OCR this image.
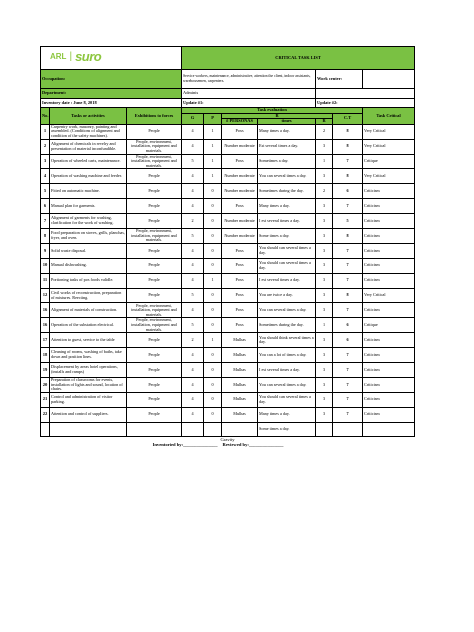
ARL | suro			CRITICAL TASK LIST						
Occupation:			Service workers, maintenance, administrative, attention the client, indoor assistants, warehousemen, carpenters.				Work center:		
Department:			Adminis						
Inventory date : June 8, 2018			Update #1:				Update #2:		
No.	Tasks or activities	Exhibitions to forces	Task evaluation						Task Critical
			G	P	R			C.T	
					# PERSONAS	times	R		
1	Carpentry work, masonry, painting and assembled. (Conditions of alignment and condition of the safety machines).	People	4	1	Poxs	Many times a day.	2	8	Very Critical
2	Alignment of chemicals in revelry and presentation of material inconfundible.	People, environment, installation, equipment and materials.	4	1	Number moderate	Est several times a day.	3	8	Very Critical
3	Operation of wheeled carts, maintenance.	People, environment, installation, equipment and materials.	5	1	Poxs	Sometimes a day.	1	7	Critique
4	Operation of washing machine and feeder.	People	4	1	Number moderate	You can several times a day.	3	8	Very Critical
5	Fitted on automatic machine.	People	4	0	Number moderate	Sometimes during the day.	2	6	Criticism
6	Manual plan for garments.	People	4	0	Poxs	Many times a day.	3	7	Criticism
7	Alignment of garments for washing, clarification for the work of washing.	People	2	0	Number moderate	I est several times a day.	3	5	Criticism
8	Food preparation on stoves, grills, planchas, fryer, and oven.	People, environment, installation, equipment and materials.	5	0	Number moderate	Some times a day.	3	8	Criticism
9	Solid waste disposal.	People	4	0	Poxs	You should can several times a day.	3	7	Criticism
10	Manual dishwashing.	People	4	0	Poxs	You should can several times a day.	3	7	Criticism
11	Portioning tasks of pos foods validle.	People	4	1	Poxs	I est several times a day.	3	7	Criticism
12	Civil works of reconstruction, preparation of mixtures. Reecting.	People	5	0	Poxs	You are twice a day.	3	8	Very Critical
16	Alignment of materials of construction.	People, environment, installation, equipment and materials.	4	0	Poxs	You can several times a day.	3	7	Criticism
16	Operation of the substation electrical.	People, environment, installation, equipment and materials.	5	0	Poxs	Sometimes during the day.	1	6	Critique
17	Attention to guest, service to the table	People	2	1	Mulhas	You should think several times a day.	3	6	Criticism
18	Cleaning of rooms, washing of baths, take down and position lines.	People	4	0	Mulhas	You can a lot of times a day.	3	7	Criticism
19	Displacement by areas hotel operations, (installs and ramps)	People	4	0	Mulhas	I est several times a day.	3	7	Criticism
20	Preparation of classrooms for events, installation of lights and sound, location of chairs.	People	4	0	Mulhas	You can several times a day.	3	7	Criticism
21	Control and administration of visitor parking.	People	4	0	Mulhas	You should can several times a day.	3	7	Criticism
22	Attention and control of suppliers.	People	4	0	Mulhas	Many times a day.	3	7	Criticism
						Some times a day.			
Gravity									
Inventoried by:_______________					Reviewed by:_______________				
